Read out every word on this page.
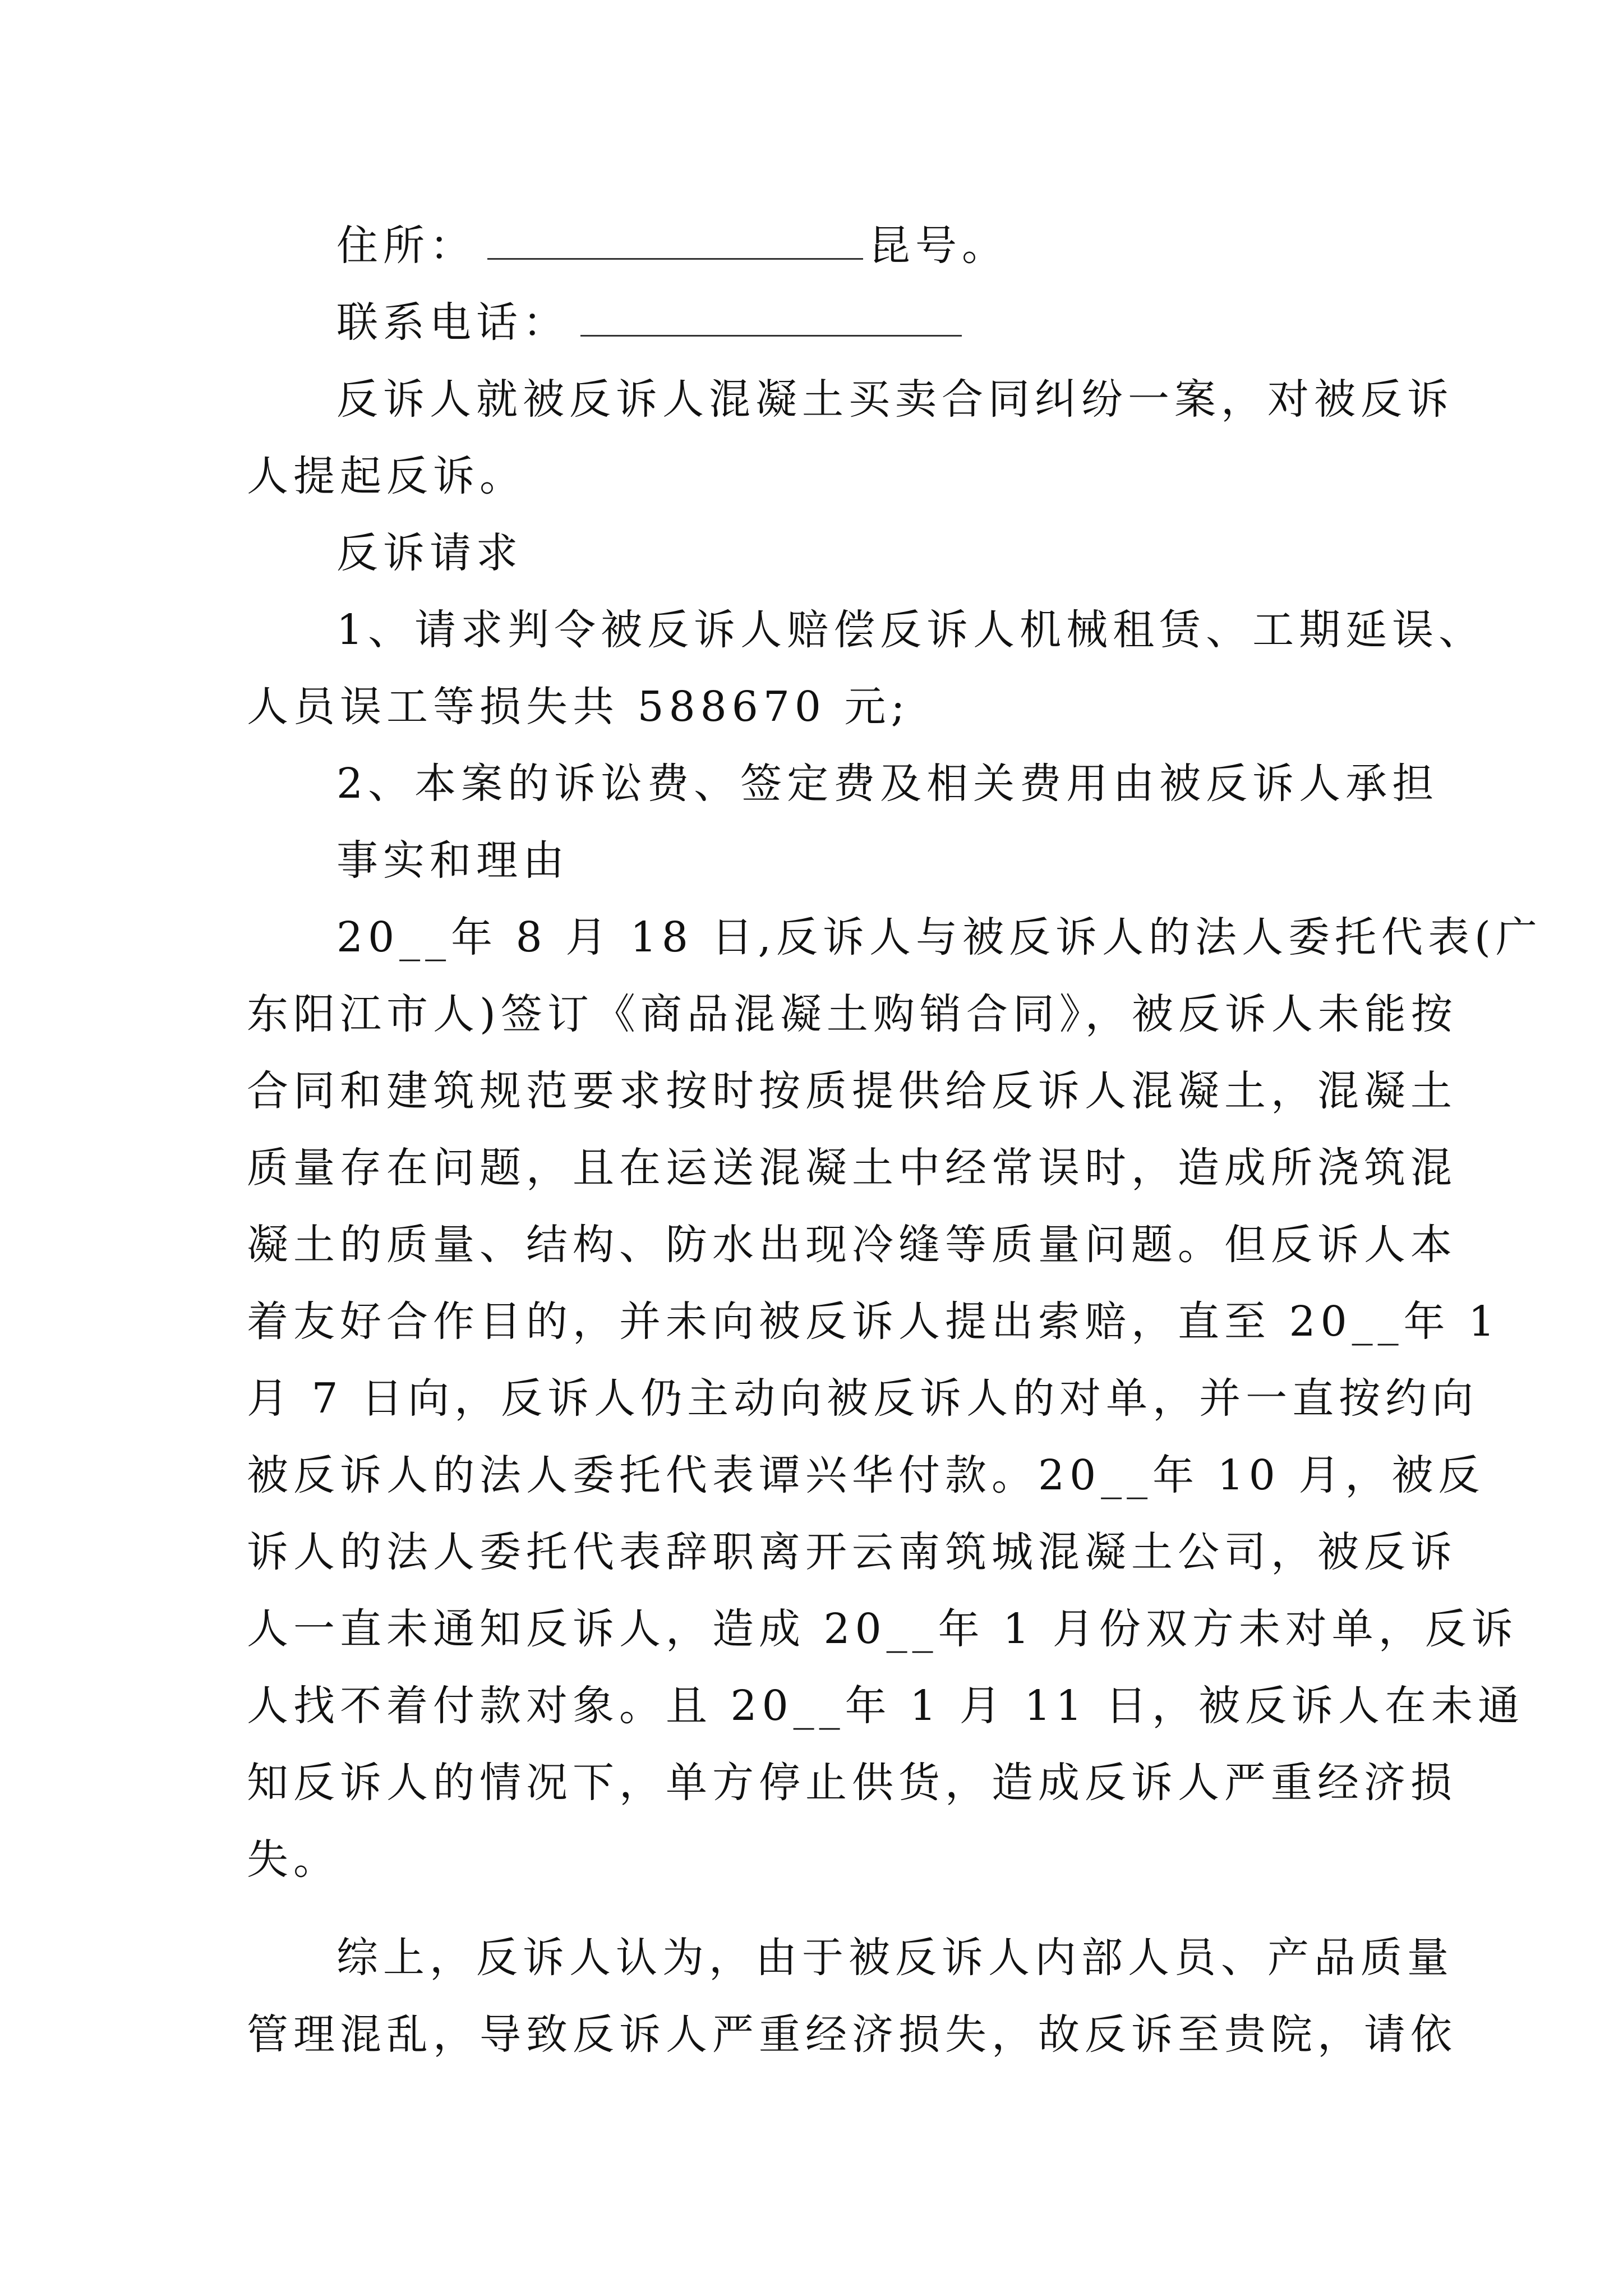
住所：	昆号。
联系电话：
反诉人就被反诉人混凝土买卖合同纠纷一案，对被反诉
人提起反诉。
反诉请求
1、请求判令被反诉人赔偿反诉人机械租赁、工期延误、
人员误工等损失共 588670 元;
2、本案的诉讼费、签定费及相关费用由被反诉人承担
事实和理由
20__年 8 月 18 日,反诉人与被反诉人的法人委托代表(广
东阳江市人)签订《商品混凝土购销合同》，被反诉人未能按
合同和建筑规范要求按时按质提供给反诉人混凝土，混凝土
质量存在问题，且在运送混凝土中经常误时，造成所浇筑混
凝土的质量、结构、防水出现冷缝等质量问题。但反诉人本
着友好合作目的，并未向被反诉人提出索赔，直至 20__年 1
月 7 日向，反诉人仍主动向被反诉人的对单，并一直按约向
被反诉人的法人委托代表谭兴华付款。20__年 10 月，被反
诉人的法人委托代表辞职离开云南筑城混凝土公司，被反诉
人一直未通知反诉人，造成 20__年 1 月份双方未对单，反诉
人找不着付款对象。且 20__年 1 月 11 日，被反诉人在未通
知反诉人的情况下，单方停止供货，造成反诉人严重经济损
失。
综上，反诉人认为，由于被反诉人内部人员、产品质量
管理混乱，导致反诉人严重经济损失，故反诉至贵院，请依
